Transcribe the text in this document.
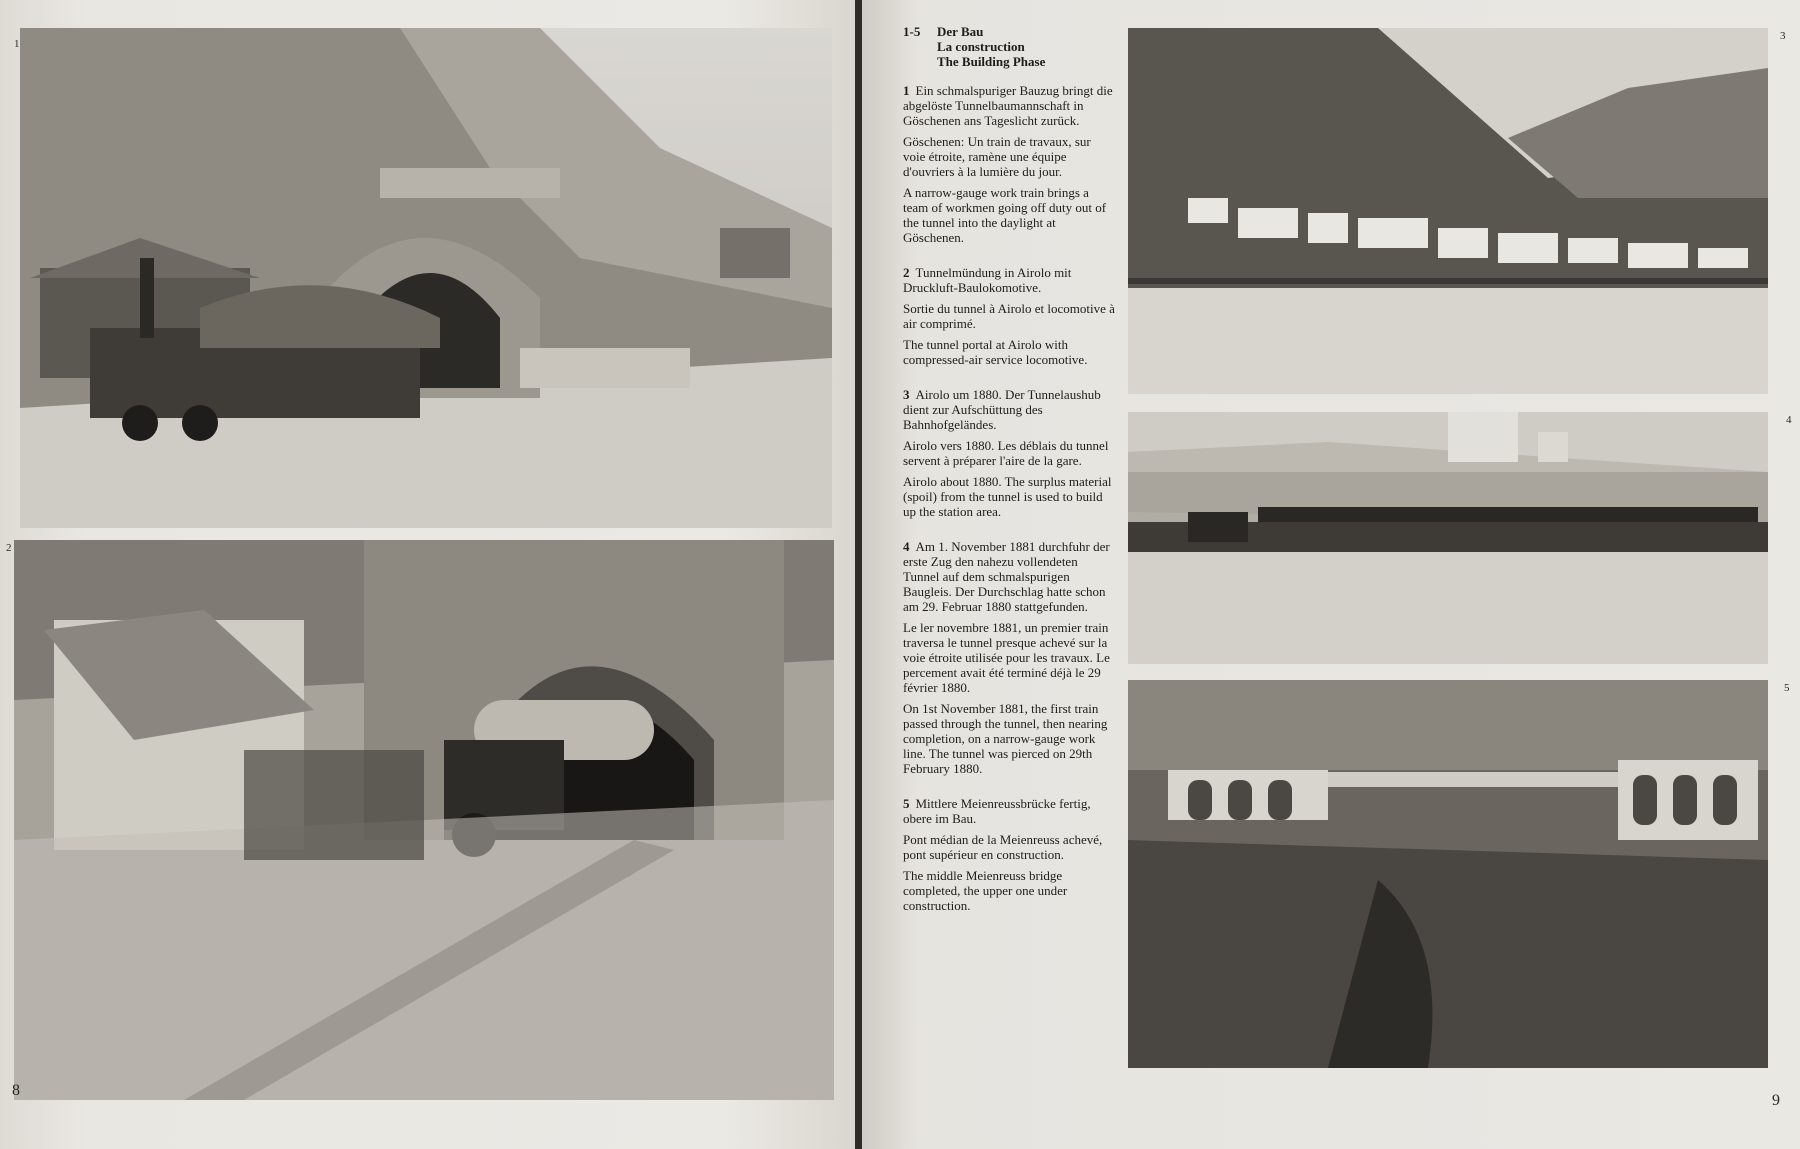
1
2
8
3
4
5
9
1-5	Der Bau
La construction
The Building Phase

1 Ein schmalspuriger Bauzug bringt die abgelöste Tunnelbaumannschaft in Göschenen ans Tageslicht zurück.

Göschenen: Un train de travaux, sur voie étroite, ramène une équipe d'ouvriers à la lumière du jour.

A narrow-gauge work train brings a team of workmen going off duty out of the tunnel into the daylight at Göschenen.

2 Tunnelmündung in Airolo mit Druckluft-Baulokomotive.

Sortie du tunnel à Airolo et locomotive à air comprimé.

The tunnel portal at Airolo with compressed-air service locomotive.

3 Airolo um 1880. Der Tunnelaushub dient zur Aufschüttung des Bahnhofgeländes.

Airolo vers 1880. Les déblais du tunnel servent à préparer l'aire de la gare.

Airolo about 1880. The surplus material (spoil) from the tunnel is used to build up the station area.

4 Am 1. November 1881 durchfuhr der erste Zug den nahezu vollendeten Tunnel auf dem schmalspurigen Baugleis. Der Durchschlag hatte schon am 29. Februar 1880 stattgefunden.

Le ler novembre 1881, un premier train traversa le tunnel presque achevé sur la voie étroite utilisée pour les travaux. Le percement avait été terminé déjà le 29 février 1880.

On 1st November 1881, the first train passed through the tunnel, then nearing completion, on a narrow-gauge work line. The tunnel was pierced on 29th February 1880.

5 Mittlere Meienreussbrücke fertig, obere im Bau.

Pont médian de la Meienreuss achevé, pont supérieur en construction.

The middle Meienreuss bridge completed, the upper one under construction.
